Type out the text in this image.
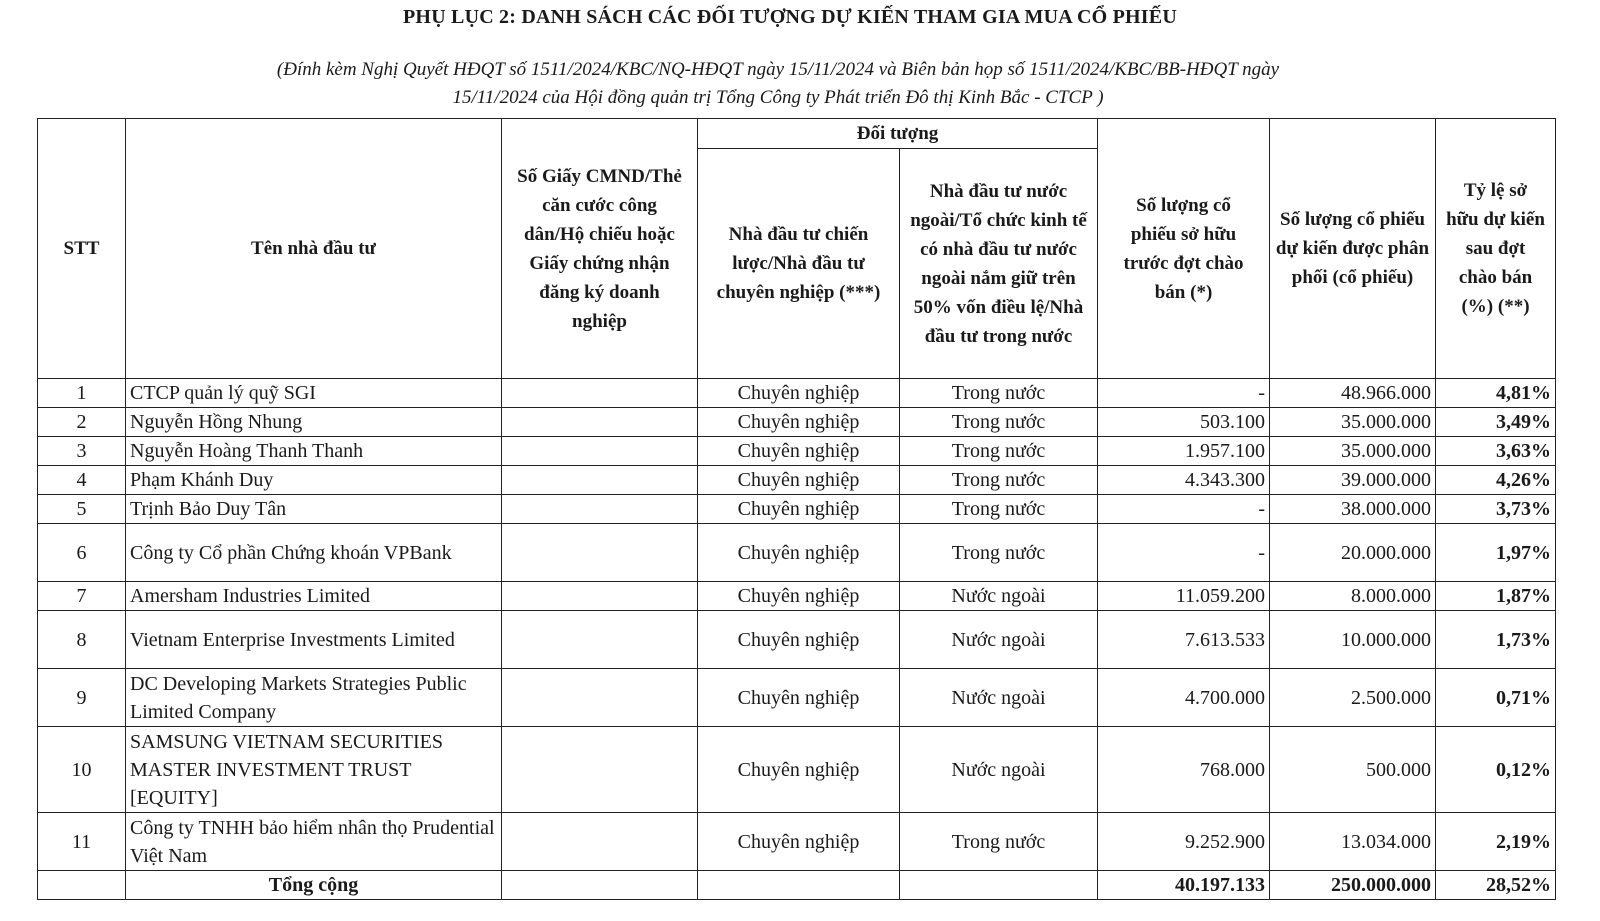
PHỤ LỤC 2: DANH SÁCH CÁC ĐỐI TƯỢNG DỰ KIẾN THAM GIA MUA CỔ PHIẾU
(Đính kèm Nghị Quyết HĐQT số 1511/2024/KBC/NQ-HĐQT ngày 15/11/2024 và Biên bản họp số 1511/2024/KBC/BB-HĐQT ngày
15/11/2024 của Hội đồng quản trị Tổng Công ty Phát triển Đô thị Kinh Bắc - CTCP )
STT	Tên nhà đầu tư	Số Giấy CMND/Thẻ căn cước công dân/Hộ chiếu hoặc Giấy chứng nhận đăng ký doanh nghiệp	Đối tượng		Số lượng cổ phiếu sở hữu trước đợt chào bán (*)	Số lượng cổ phiếu dự kiến được phân phối (cổ phiếu)	Tỷ lệ sở hữu dự kiến sau đợt chào bán (%) (**)
			Nhà đầu tư chiến lược/Nhà đầu tư chuyên nghiệp (***)	Nhà đầu tư nước ngoài/Tổ chức kinh tế có nhà đầu tư nước ngoài nắm giữ trên 50% vốn điều lệ/Nhà đầu tư trong nước			
1	CTCP quản lý quỹ SGI		Chuyên nghiệp	Trong nước	-	48.966.000	4,81%
2	Nguyễn Hồng Nhung		Chuyên nghiệp	Trong nước	503.100	35.000.000	3,49%
3	Nguyễn Hoàng Thanh Thanh		Chuyên nghiệp	Trong nước	1.957.100	35.000.000	3,63%
4	Phạm Khánh Duy		Chuyên nghiệp	Trong nước	4.343.300	39.000.000	4,26%
5	Trịnh Bảo Duy Tân		Chuyên nghiệp	Trong nước	-	38.000.000	3,73%
6	Công ty Cổ phần Chứng khoán VPBank		Chuyên nghiệp	Trong nước	-	20.000.000	1,97%
7	Amersham Industries Limited		Chuyên nghiệp	Nước ngoài	11.059.200	8.000.000	1,87%
8	Vietnam Enterprise Investments Limited		Chuyên nghiệp	Nước ngoài	7.613.533	10.000.000	1,73%
9	DC Developing Markets Strategies Public Limited Company		Chuyên nghiệp	Nước ngoài	4.700.000	2.500.000	0,71%
10	SAMSUNG VIETNAM SECURITIES MASTER INVESTMENT TRUST [EQUITY]		Chuyên nghiệp	Nước ngoài	768.000	500.000	0,12%
11	Công ty TNHH bảo hiểm nhân thọ Prudential Việt Nam		Chuyên nghiệp	Trong nước	9.252.900	13.034.000	2,19%
	Tổng cộng				40.197.133	250.000.000	28,52%
